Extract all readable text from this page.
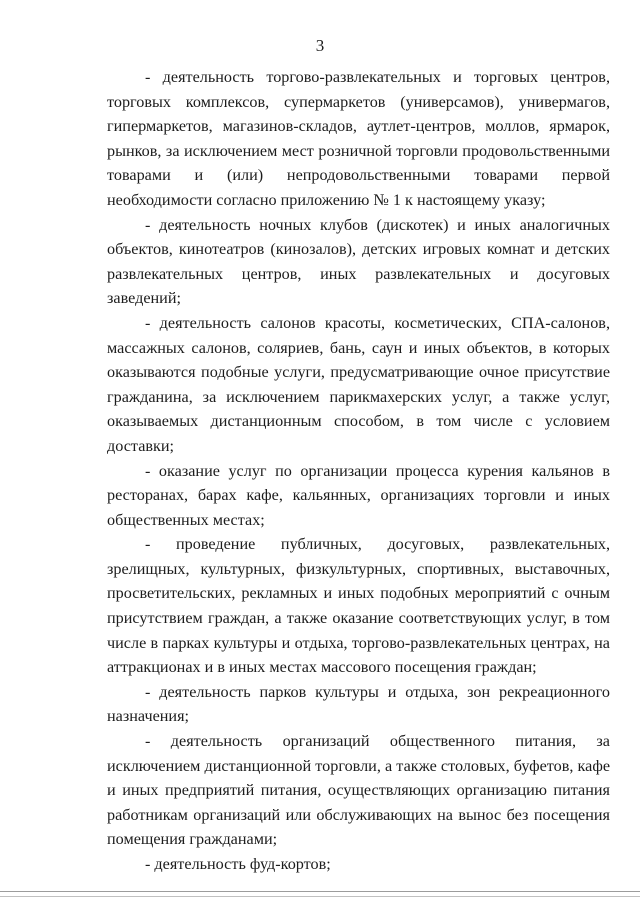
3

- деятельность торгово-развлекательных и торговых центров, торговых комплексов, супермаркетов (универсамов), универмагов, гипермаркетов, магазинов-складов, аутлет-центров, моллов, ярмарок, рынков, за исключением мест розничной торговли продовольственными товарами и (или) непродовольственными товарами первой необходимости согласно приложению № 1 к настоящему указу;

- деятельность ночных клубов (дискотек) и иных аналогичных объектов, кинотеатров (кинозалов), детских игровых комнат и детских развлекательных центров, иных развлекательных и досуговых заведений;

- деятельность салонов красоты, косметических, СПА-салонов, массажных салонов, соляриев, бань, саун и иных объектов, в которых оказываются подобные услуги, предусматривающие очное присутствие гражданина, за исключением парикмахерских услуг, а также услуг, оказываемых дистанционным способом, в том числе с условием доставки;

- оказание услуг по организации процесса курения кальянов в ресторанах, барах кафе, кальянных, организациях торговли и иных общественных местах;

- проведение публичных, досуговых, развлекательных, зрелищных, культурных, физкультурных, спортивных, выставочных, просветительских, рекламных и иных подобных мероприятий с очным присутствием граждан, а также оказание соответствующих услуг, в том числе в парках культуры и отдыха, торгово-развлекательных центрах, на аттракционах и в иных местах массового посещения граждан;

- деятельность парков культуры и отдыха, зон рекреационного назначения;

- деятельность организаций общественного питания, за исключением дистанционной торговли, а также столовых, буфетов, кафе и иных предприятий питания, осуществляющих организацию питания работникам организаций или обслуживающих на вынос без посещения помещения гражданами;

- деятельность фуд-кортов;
